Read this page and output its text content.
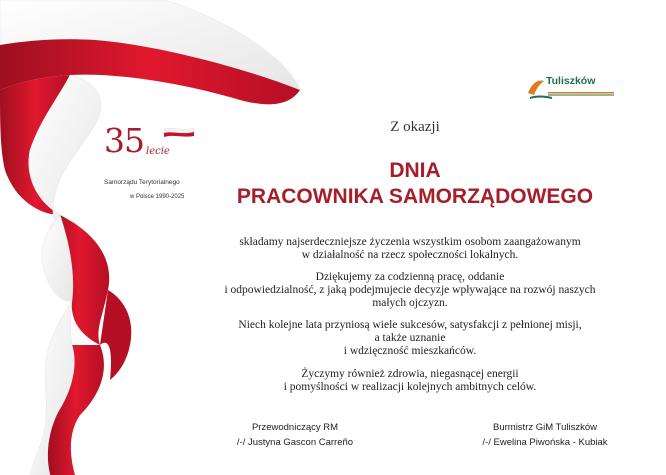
35 lecie
Samorządu Terytorialnego
w Polsce 1990-2025
Tuliszków
Z okazji
DNIA
PRACOWNIKA SAMORZĄDOWEGO
składamy najserdeczniejsze życzenia wszystkim osobom zaangażowanym
w działalność na rzecz społeczności lokalnych.
Dziękujemy za codzienną pracę, oddanie
i odpowiedzialność, z jaką podejmujecie decyzje wpływające na rozwój naszych
małych ojczyzn.
Niech kolejne lata przyniosą wiele sukcesów, satysfakcji z pełnionej misji,
a także uznanie
i wdzięczność mieszkańców.
Życzymy również zdrowia, niegasnącej energii
i pomyślności w realizacji kolejnych ambitnych celów.
Przewodniczący RM
/-/ Justyna Gascon Carreño
Burmistrz GiM Tuliszków
/-/ Ewelina Piwońska - Kubiak
